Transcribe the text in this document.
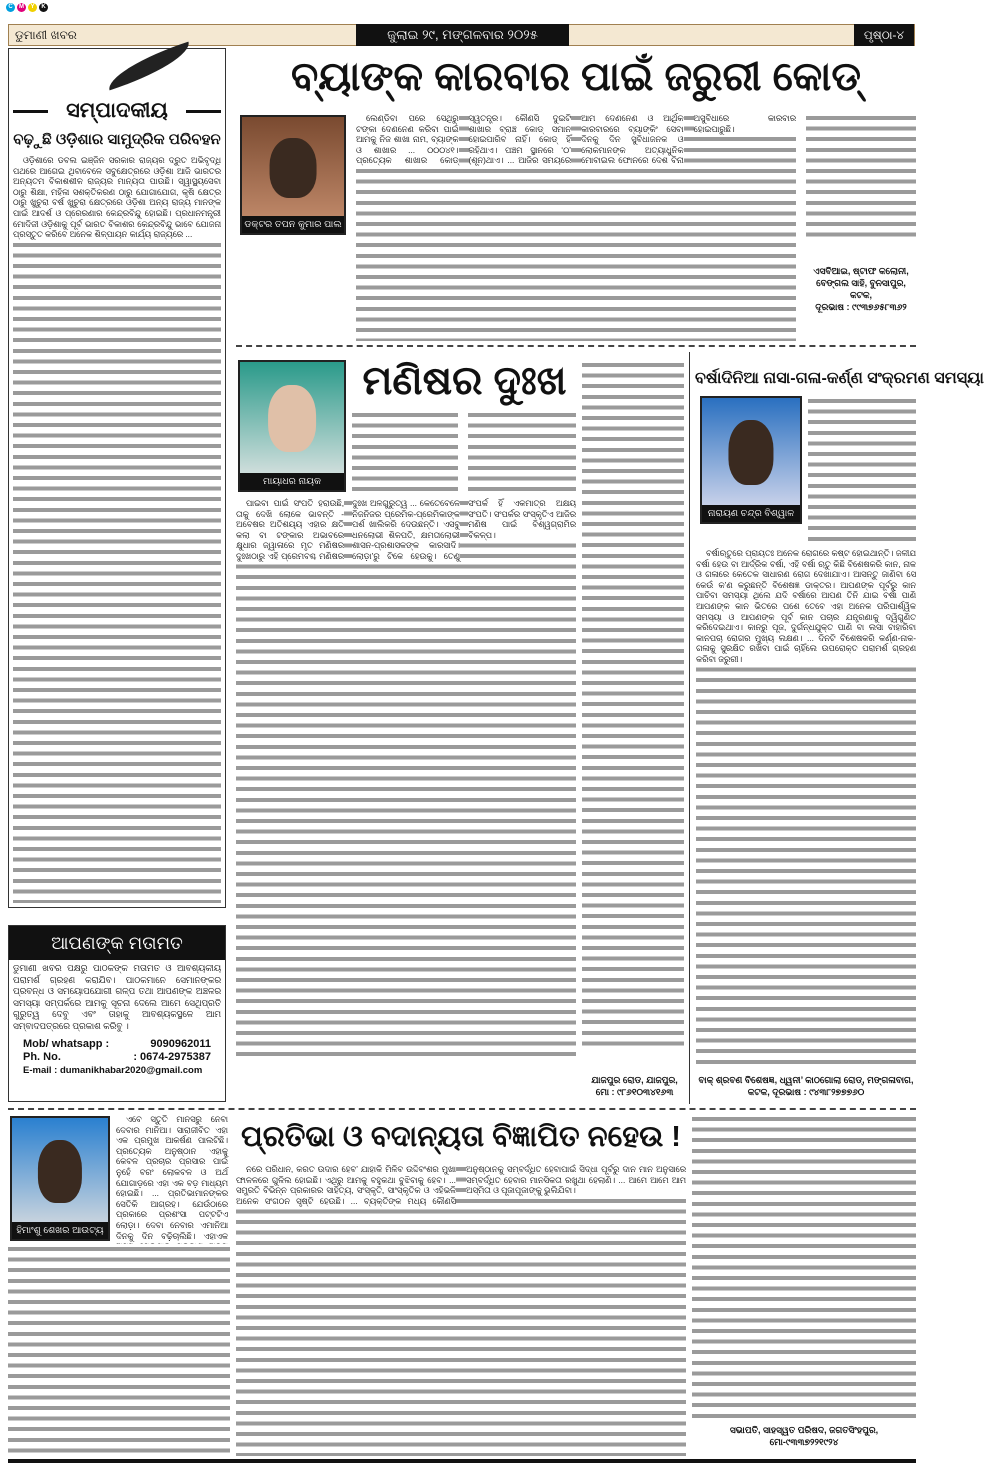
C	M	Y	K
ଡୁମାଣୀ ଖବର	ଜୁଲାଇ ୨୯, ମଙ୍ଗଳବାର ୨୦୨୫	ପୃଷ୍ଠା-୪
ସମ୍ପାଦକୀୟ
ବଢ଼ୁଛି ଓଡ଼ିଶାର ସାମୁଦ୍ରିକ ପରିବହନ

ଓଡ଼ିଶାରେ ଡବଲ ଇଞ୍ଜିନ ସରକାର ରାଜ୍ୟର ଦ୍ରୁତ ଅଭିବୃଦ୍ଧି ପଥରେ ଆଗେଇ ଥିବାବେଳେ ସବୁକ୍ଷେତ୍ରରେ ଓଡ଼ିଶା ଆଜି ଭାରତର ଅନ୍ୟତମ ବିକାଶଶୀଳ ରାଜ୍ୟର ମାନ୍ୟତା ପାଉଛି। ସ୍ୱାସ୍ଥ୍ୟସେବା ଠାରୁ ଶିକ୍ଷା, ମହିଳା ସଶକ୍ତିକରଣ ଠାରୁ ଯୋଗାଯୋଗ, କୃଷି କ୍ଷେତ୍ର ଠାରୁ ଖୁଚୁରା ବର୍ଷ ଖୁଚୁରା କ୍ଷେତ୍ରରେ ଓଡ଼ିଶା ଅନ୍ୟ ରାଜ୍ୟ ମାନଙ୍କ ପାଇଁ ଆଦର୍ଶ ଓ ପ୍ରେରଣାର କେନ୍ଦ୍ରବିନ୍ଦୁ ହୋଇଛି। ପ୍ରଧାନମନ୍ତ୍ରୀ ମୋଦିଜୀ ଓଡ଼ିଶାକୁ ପୂର୍ବ ଭାରତ ବିକାଶର କେନ୍ଦ୍ରବିନ୍ଦୁ ଭାବେ ଯୋଜନା ପ୍ରସ୍ତୁତ କରିବେ ଅନେକ ଶିଳ୍ପାୟନ କାର୍ଯ୍ୟ ରାଜ୍ୟରେ ...

ଆପଣଙ୍କ ମତାମତ
ଡୁମାଣୀ ଖବର ପକ୍ଷରୁ ପାଠକଙ୍କ ମତାମତ ଓ ଆବଶ୍ୟକୀୟ ପରାମର୍ଶ ଗ୍ରହଣ କରାଯିବ। ପାଠକମାନେ ସେମାନଙ୍କର ପ୍ରବନ୍ଧ ଓ ସମୟୋପଯୋଗୀ ଗଳ୍ପ ତଥା ଆପଣଙ୍କ ଅଞ୍ଚଳର ସମସ୍ୟା ସମ୍ପର୍କରେ ଆମକୁ ସୂଚନା ଦେଲେ ଆମେ ସେଥିପ୍ରତି ଗୁରୁତ୍ୱ ଦେବୁ ଏବଂ ତାହାକୁ ଆବଶ୍ୟକସ୍ଥଳେ ଆମ ସମ୍ବାଦପତ୍ରରେ ପ୍ରକାଶ କରିବୁ ।
Mob/ whatsapp :	9090962011
Ph. No.	: 0674-2975387
E-mail : dumanikhabar2020@gmail.com
ବ୍ୟାଙ୍କ କାରବାର ପାଇଁ ଜରୁରୀ କୋଡ୍
ଡକ୍ଟର ତପନ କୁମାର ପାଲ

ଲେଣ୍ଡିବା ପରେ ସେଥିରୁ ଟଙ୍କା ଦେଣନେଣ କରିବା ପାଇଁ ଆମକୁ ନିଜ ଶାଖା ନାମ, ବ୍ୟାଙ୍କ ଓ ଶାଖାର ... ୦୦୦୪୧। ପ୍ରତ୍ୟେକ ଶାଖାର କୋଡ୍ ସ୍ୱତନ୍ତ୍ର। କୌଣସି ଦୁଇଟି ଶାଖାର ବ୍ରାଞ୍ଚ କୋଡ୍ ସମାନ ହୋଇପାରିବ ନାହିଁ। କୋଡ୍ ହିଁ ରହିଥାଏ। ପଞ୍ଚମ ସ୍ଥାନରେ ‘୦’ (ଶୂନ)ଥାଏ। ... ଆଜିର ସମୟରେ ଆମ ଦେଣନେଣ ଓ ଆର୍ଥିକ କାରବାରରେ ବ୍ୟାଙ୍କିଂ ସେବା ଦିନକୁ ଦିନ ସୁବିଧାଜନକ ଓ ଲୋକମାନଙ୍କ ଅତ୍ୟାଧୁନିକ ମୋବାଇଲ ଫୋନରେ ଦେଶ ବିନା ଅସୁବିଧାରେ କାରବାର ହୋଇପାରୁଛି।

ଏସବିଆଇ, ଷ୍ଟାଫ କଲୋନୀ, ବେଙ୍ଗଲ ସାହି, ବୁନସାପୁର, କଟକ,
ଦୂରଭାଷ : ୯୯୩୭୬୫୮୩୬୨
ମାୟାଧର ନାୟକ
ମଣିଷର ଦୁଃଖ

ପାଇବା ପାଇଁ ସଂପତି ହରାଉଛି, ତାକୁ ଦେଖି ଲୋକେ ଭାବନ୍ତି - ଅବେଷର ଅତିଶୟ୍ୟ ଏହାର କ୍ଷତି କଲା ବା ଟଙ୍କାର ଅଭାବରେ କ୍ଷୁଧାର ଜ୍ୱାଳାରେ ମୃତ ମଣିଷର ଦୁଃଖଠାରୁ ଏହି ପ୍ରେମବଶ୍ଚ ମଣିଷର ଦୁଃଖ ଅଳଗୁରୁତ୍ୱ ... କେତେବେଳେ ନିଜନିଜର ପ୍ରେମିକ-ପ୍ରେମିକାଙ୍କ ପର୍ଶ ଖାଲିକରି ଦେଉଛନ୍ତି। ଏସବୁ ଧନଲୋଭୀ ଶିଳପତି, କ୍ଷମତାଲୋଭୀ ଶାସନ-ପ୍ରଶାସକଙ୍କ କାରସାଦି। ଲୋଡ଼ା’ରୁ ଟିକେ ହେଉକୁ। ତେଣୁ ସଂପର୍କ ହିଁ ଏକମାତ୍ର ଅକ୍ଷୟ ସଂପତି। ସଂପର୍କର ସଂସ୍କୃତିଏ ଆଜିର ମଣିଷ ପାଇଁ ବିଶ୍ୱଗ୍ରାମିର ବିକଳ୍ପ।

ଯାଜପୁର ରୋଡ, ଯାଜପୁର,
ମୋ : ୯୮୬୧୦୩୪୧୬୩
ବର୍ଷାଦିନିଆ ନାସା-ଗଳା-କର୍ଣ୍ଣ ସଂକ୍ରମଣ ସମସ୍ୟା
ନାରାୟଣ ଚନ୍ଦ୍ର ବିଶ୍ୱାଳ

ବର୍ଷାଋତୁରେ ପ୍ରାୟତଃ ଅନେକ ରୋଗରେ କଷ୍ଟ ହୋଇଥାନ୍ତି। ଜଳୀଯ ବର୍ଷା ହେଉ ବା ଆର୍ଦ୍ରିକ ବର୍ଷା, ଏହି ବର୍ଷା ଋତୁ କିଛି ବିଶେଷକରି କାନ, ନାକ ଓ ଗଳାରେ କେତେକ ସାଧାରଣ ରୋଗ ଦେଖାଯାଏ। ଆସନ୍ତୁ ଜାଣିବା ସେ କେଉଁ କ’ଣ କରୁଛନ୍ତି ବିଶେଷଜ୍ଞ ଡାକ୍ତର। ଆପଣଙ୍କ ପୂର୍ବରୁ କାନ ପାଚିବା ସମସ୍ୟା ଥିଲେ ଯଦି ବର୍ଷାରେ ଆପଣ ତିନି ଯାଇ ବର୍ଷା ପାଣି ଆପଣଙ୍କ କାନ ଭିତରେ ପଶେ ତେବେ ଏହା ଅନେକ ପରିପାର୍ଶ୍ୱିକ ସମସ୍ୟା ଓ ଆପଣଙ୍କ ପୂର୍ବ କାନ ପଚାର ଯନ୍ତ୍ରଣାକୁ ଦ୍ୱିଗୁଣିତ କରିଦେଇଥାଏ। କାନରୁ ପୂଜ, ଦୁର୍ଗନ୍ଧଯୁକ୍ତ ପାଣି ବା ଲସା ବାହାରିବା କାନପଚା ରୋଗର ମୁଖ୍ୟ ଲକ୍ଷଣ। ... ଦିନଟି ବିଶେଷକରି କର୍ଣ୍ଣ-ନାକ-ଗଳାକୁ ସୁରକ୍ଷିତ ରଖିବା ପାଇଁ ଚାହିଁଲେ ଉପରୋକ୍ତ ପରାମର୍ଶ ଗ୍ରହଣ କରିବା ଜରୁରୀ।

ବାକ୍ ଶ୍ରବଣ ବିଶେଷଜ୍ଞ, ଧ୍ୱନୀ’ କାଠଗୋଲା ରୋଡ୍, ମଙ୍ଗଳାବାଗ,
କଟକ, ଦୂରଭାଷ : ୯୪୩୮୨୭୭୭୬୦
ହିମାଂଶୁ ଶେଖର ଆଉଟ୍ୟ

ଏବେ ସ୍ତୁତି ମାନସରୁ ନେବା ଦେବାର ମାନିଆ। ସାରାଜୀବିତ ଏହା ଏକ ପ୍ରମୁଖ ଆକର୍ଷଣ ପାଲଟିଛି। ପ୍ରତ୍ୟେକ ଅନୁଷ୍ଠାନ ଏହାକୁ କେବଳ ପ୍ରଚାର ପ୍ରସାର ପାଇଁ ନୁହେଁ ବରଂ ଲୋକବଳ ଓ ଅର୍ଥ ଯୋଗାଡ଼ରେ ଏହା ଏକ ବଡ଼ ମାଧ୍ୟମ ହୋଇଛି। ... ପ୍ରତିଭାମାନଙ୍କର ସେତିକି ଆଗ୍ରହ। ଯେଉଁଠାରେ ପ୍ରକାରେ ପ୍ରଶଂସା ପଟ୍ଟଟିଏ ଲୋଡ଼ା। ଦେବା ନେବାର ଏମାନିଆ ଦିନକୁ ଦିନ ବଢ଼ିଚାଲିଛି। ଏହାଏକ

ପ୍ରତିଭା ଓ ବଦାନ୍ୟତା ବିଜ୍ଞାପିତ ନହେଉ !

ନରେ ପରିଧାନ, କରତ ଉଦାର ହେବ’ ଯାହାକି ମିଳିବ ଉଦ୍ଦିବଂଶର ମୁଖା ଫାଳଳରେ ଗୁଳିଲ ହୋଇଛି। ଏଥିରୁ ଆମକୁ ବହୁକଥା ବୁଝିବାକୁ ହେବ। ... ସମ୍ପ୍ରତି ବିଭିନ୍ନ ପ୍ରକାରର ସାହିତ୍ୟ, ସଂସ୍କୃତି, ସାଂସ୍କୃତିକ ଓ ଏହିଭଳି ଅନେକ ସଂଗଠନ ସୃଷ୍ଟି ହେଉଛି। ... ବ୍ୟକ୍ତିଙ୍କ ମଧ୍ୟ କୌଣସି ଅନୁଷ୍ଠାନକୁ ସମ୍ବର୍ଦ୍ଧିତ ହେବାପାଇଁ ସିଦ୍ଧା ପୂର୍ବରୁ ଦାନ ମାନ ଅନୁସାରେ ସମ୍ବର୍ଦ୍ଧିତ ହେବାର ମାନସିକତା ରଖୁଥା ହେଲାଣି। ... ଆମେ ଆମେ ଆମ ଅସ୍ମିତା ଓ ପୂଜାପୂଜାଙ୍କୁ ଭୁଲିଯିବା।

ସଭାପତି, ସାହସ୍ୱତ ପରିଷଦ, ଜଗତସିଂହପୁର,
ମୋ-୯୩୩୭୨୨୧୯୨୪
